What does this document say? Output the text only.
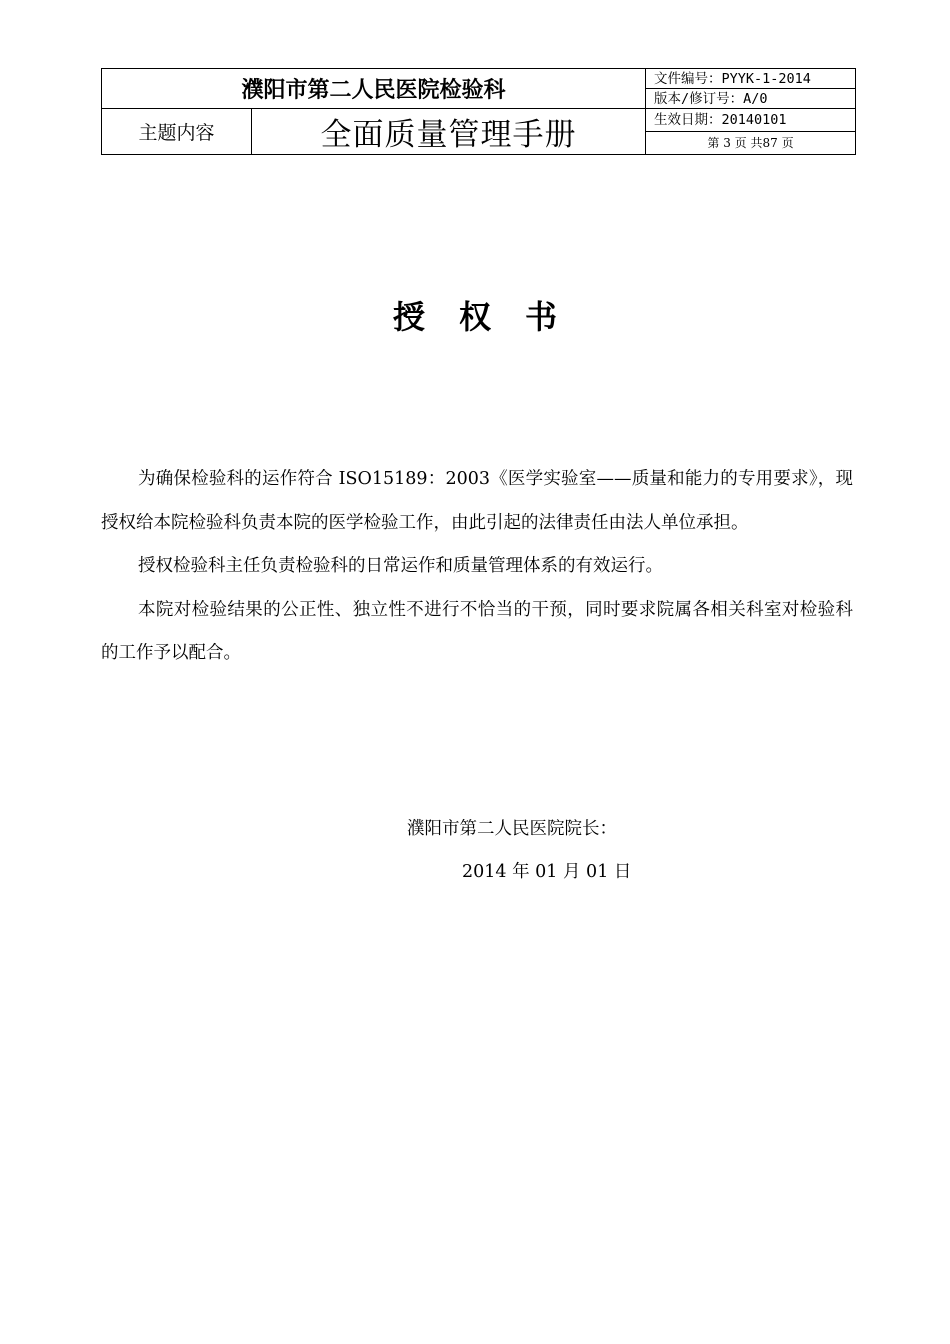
濮阳市第二人民医院检验科		文件编号：PYYK-1-2014
		版本/修订号：A/0
主题内容	全面质量管理手册	生效日期：20140101
		第 3 页 共87 页
授权书

为确保检验科的运作符合 ISO15189：2003《医学实验室——质量和能力的专用要求》，现授权给本院检验科负责本院的医学检验工作，由此引起的法律责任由法人单位承担。

授权检验科主任负责检验科的日常运作和质量管理体系的有效运行。

本院对检验结果的公正性、独立性不进行不恰当的干预，同时要求院属各相关科室对检验科的工作予以配合。

濮阳市第二人民医院院长：
2014 年 01 月 01 日
